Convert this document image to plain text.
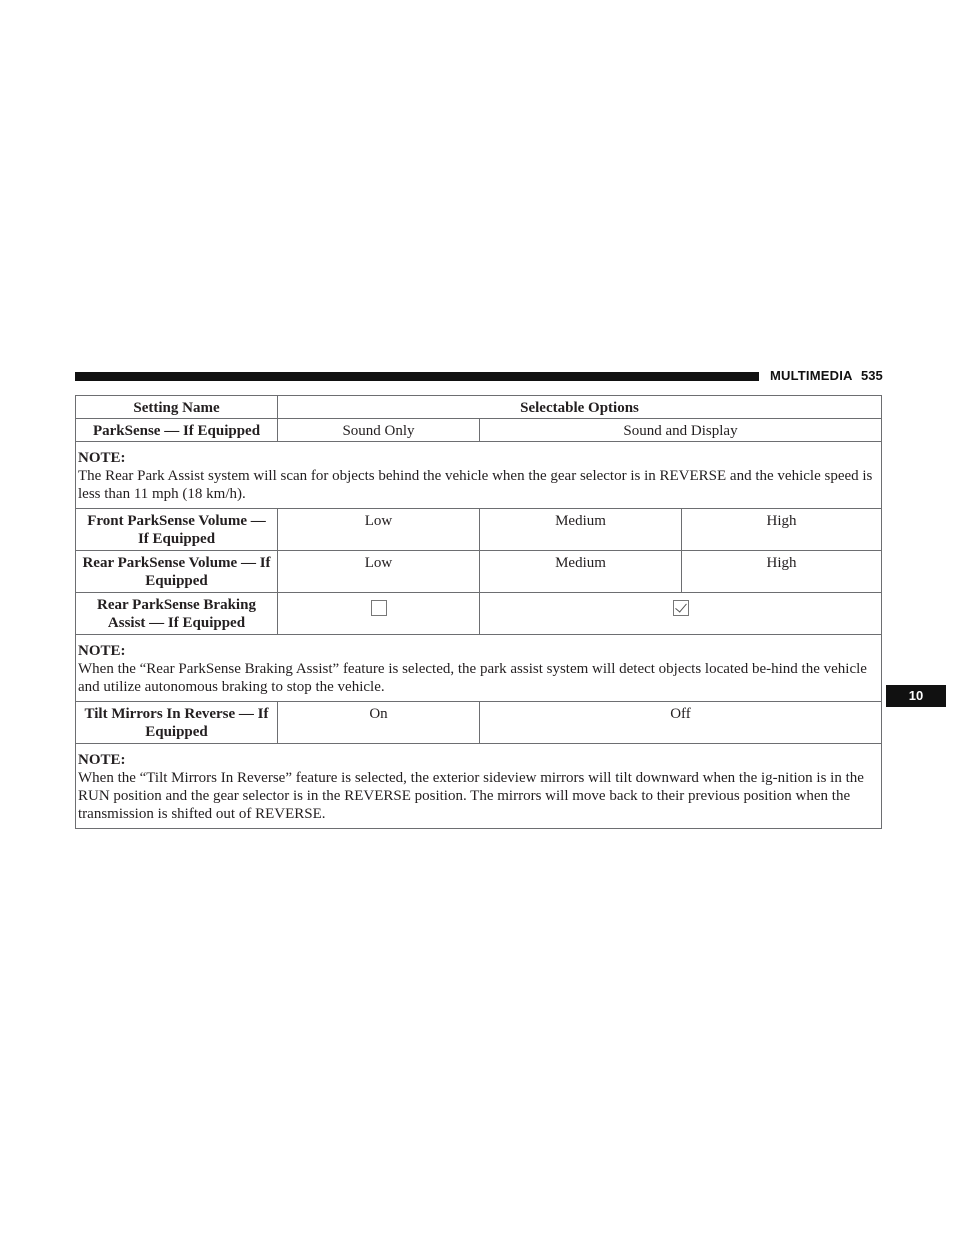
MULTIMEDIA 535
10
Setting Name	Selectable Options		
ParkSense — If Equipped	Sound Only	Sound and Display	

NOTE:
The Rear Park Assist system will scan for objects behind the vehicle when the gear selector is in REVERSE and the vehicle speed is less than 11 mph (18 km/h).			

Front ParkSense Volume — If Equipped	Low	Medium	High
Rear ParkSense Volume — If Equipped	Low	Medium	High
Rear ParkSense Braking Assist — If Equipped			

NOTE:
When the “Rear ParkSense Braking Assist” feature is selected, the park assist system will detect objects located be-hind the vehicle and utilize autonomous braking to stop the vehicle.			

Tilt Mirrors In Reverse — If Equipped	On	Off	

NOTE:
When the “Tilt Mirrors In Reverse” feature is selected, the exterior sideview mirrors will tilt downward when the ig-nition is in the RUN position and the gear selector is in the REVERSE position. The mirrors will move back to their previous position when the transmission is shifted out of REVERSE.			
